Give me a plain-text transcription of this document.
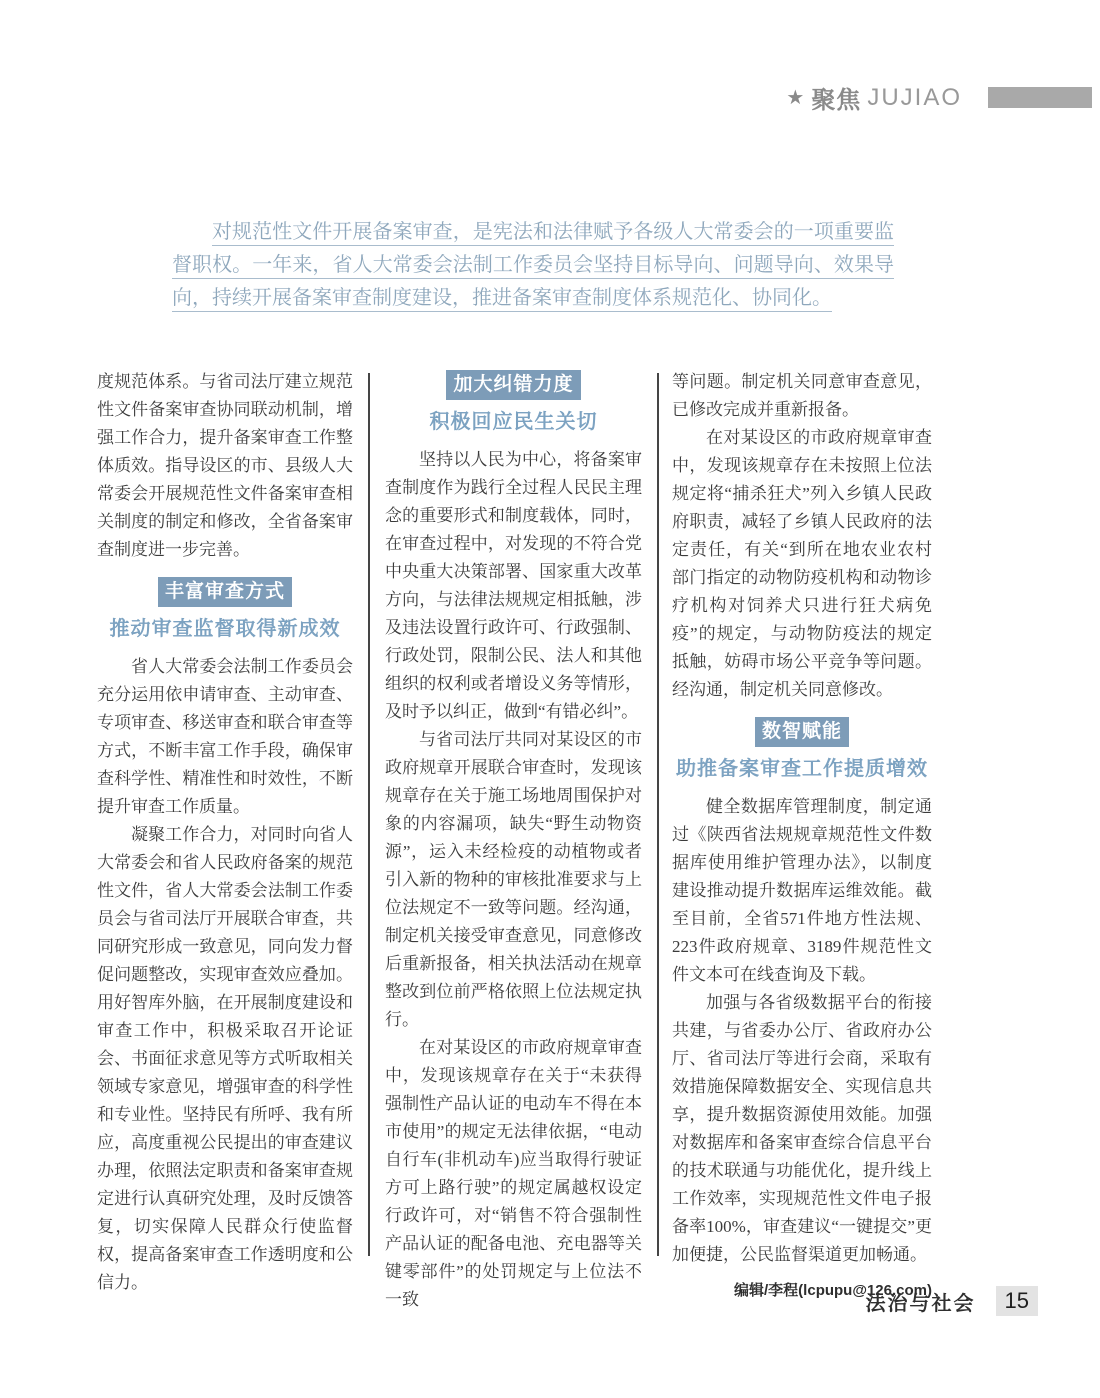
★ 聚焦 JUJIAO
对规范性文件开展备案审查，是宪法和法律赋予各级人大常委会的一项重要监督职权。一年来，省人大常委会法制工作委员会坚持目标导向、问题导向、效果导向，持续开展备案审查制度建设，推进备案审查制度体系规范化、协同化。

度规范体系。与省司法厅建立规范性文件备案审查协同联动机制，增强工作合力，提升备案审查工作整体质效。指导设区的市、县级人大常委会开展规范性文件备案审查相关制度的制定和修改，全省备案审查制度进一步完善。

丰富审查方式
推动审查监督取得新成效

省人大常委会法制工作委员会充分运用依申请审查、主动审查、专项审查、移送审查和联合审查等方式，不断丰富工作手段，确保审查科学性、精准性和时效性，不断提升审查工作质量。

凝聚工作合力，对同时向省人大常委会和省人民政府备案的规范性文件，省人大常委会法制工作委员会与省司法厅开展联合审查，共同研究形成一致意见，同向发力督促问题整改，实现审查效应叠加。用好智库外脑，在开展制度建设和审查工作中，积极采取召开论证会、书面征求意见等方式听取相关领域专家意见，增强审查的科学性和专业性。坚持民有所呼、我有所应，高度重视公民提出的审查建议办理，依照法定职责和备案审查规定进行认真研究处理，及时反馈答复，切实保障人民群众行使监督权，提高备案审查工作透明度和公信力。

加大纠错力度
积极回应民生关切

坚持以人民为中心，将备案审查制度作为践行全过程人民民主理念的重要形式和制度载体，同时，在审查过程中，对发现的不符合党中央重大决策部署、国家重大改革方向，与法律法规规定相抵触，涉及违法设置行政许可、行政强制、行政处罚，限制公民、法人和其他组织的权利或者增设义务等情形，及时予以纠正，做到“有错必纠”。

与省司法厅共同对某设区的市政府规章开展联合审查时，发现该规章存在关于施工场地周围保护对象的内容漏项，缺失“野生动物资源”，运入未经检疫的动植物或者引入新的物种的审核批准要求与上位法规定不一致等问题。经沟通，制定机关接受审查意见，同意修改后重新报备，相关执法活动在规章整改到位前严格依照上位法规定执行。

在对某设区的市政府规章审查中，发现该规章存在关于“未获得强制性产品认证的电动车不得在本市使用”的规定无法律依据，“电动自行车(非机动车)应当取得行驶证方可上路行驶”的规定属越权设定行政许可，对“销售不符合强制性产品认证的配备电池、充电器等关键零部件”的处罚规定与上位法不一致

等问题。制定机关同意审查意见，已修改完成并重新报备。

在对某设区的市政府规章审查中，发现该规章存在未按照上位法规定将“捕杀狂犬”列入乡镇人民政府职责，减轻了乡镇人民政府的法定责任，有关“到所在地农业农村部门指定的动物防疫机构和动物诊疗机构对饲养犬只进行狂犬病免疫”的规定，与动物防疫法的规定抵触，妨碍市场公平竞争等问题。经沟通，制定机关同意修改。

数智赋能
助推备案审查工作提质增效

健全数据库管理制度，制定通过《陕西省法规规章规范性文件数据库使用维护管理办法》，以制度建设推动提升数据库运维效能。截至目前，全省571件地方性法规、223件政府规章、3189件规范性文件文本可在线查询及下载。

加强与各省级数据平台的衔接共建，与省委办公厅、省政府办公厅、省司法厅等进行会商，采取有效措施保障数据安全、实现信息共享，提升数据资源使用效能。加强对数据库和备案审查综合信息平台的技术联通与功能优化，提升线上工作效率，实现规范性文件电子报备率100%，审查建议“一键提交”更加便捷，公民监督渠道更加畅通。

编辑/李程(lcpupu@126.com)
法治与社会	15
